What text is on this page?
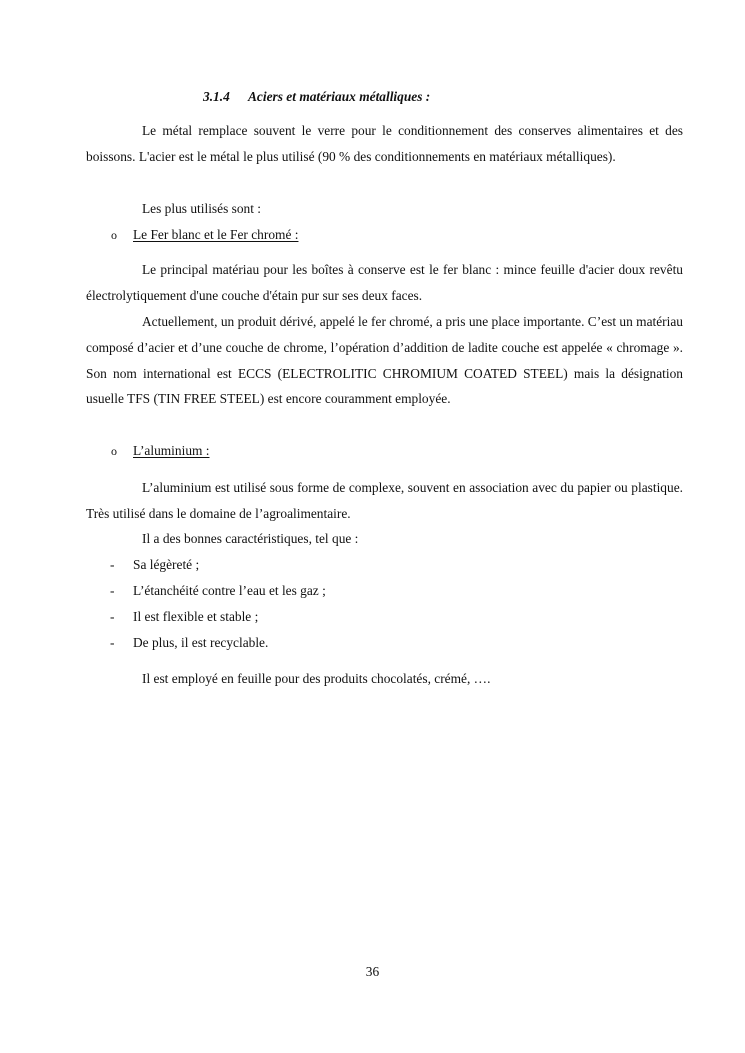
3.1.4 Aciers et matériaux métalliques :

Le métal remplace souvent le verre pour le conditionnement des conserves alimentaires et des boissons. L'acier est le métal le plus utilisé (90 % des conditionnements en matériaux métalliques).

Les plus utilisés sont :

o Le Fer blanc et le Fer chromé :

Le principal matériau pour les boîtes à conserve est le fer blanc : mince feuille d'acier doux revêtu électrolytiquement d'une couche d'étain pur sur ses deux faces.

Actuellement, un produit dérivé, appelé le fer chromé, a pris une place importante. C’est un matériau composé d’acier et d’une couche de chrome, l’opération d’addition de ladite couche est appelée « chromage ». Son nom international est ECCS (ELECTROLITIC CHROMIUM COATED STEEL) mais la désignation usuelle TFS (TIN FREE STEEL) est encore couramment employée.

o L’aluminium :

L’aluminium est utilisé sous forme de complexe, souvent en association avec du papier ou plastique. Très utilisé dans le domaine de l’agroalimentaire.

Il a des bonnes caractéristiques, tel que :

- Sa légèreté ;

- L’étanchéité contre l’eau et les gaz ;

- Il est flexible et stable ;

- De plus, il est recyclable.

Il est employé en feuille pour des produits chocolatés, crémé, ….

36
